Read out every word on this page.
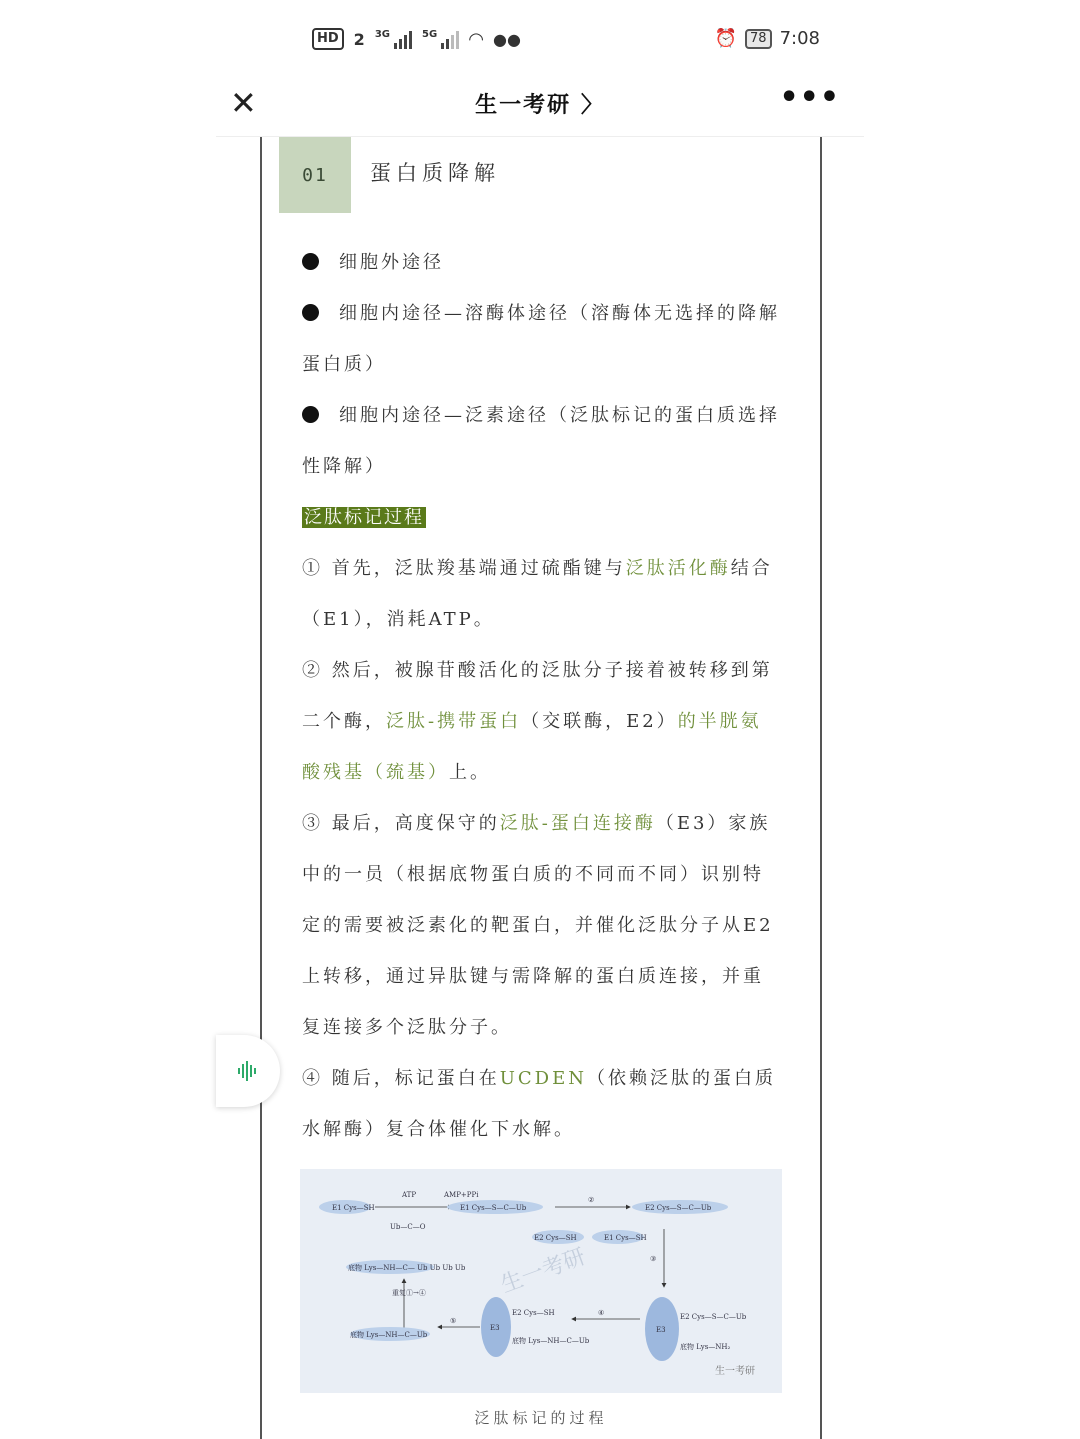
HD 2 3G	5G ◠ ●●	⏰	78 7:08
✕	生一考研 〉	•••
01	蛋白质降解

细胞外途径

细胞内途径—溶酶体途径（溶酶体无选择的降解蛋白质）

细胞内途径—泛素途径（泛肽标记的蛋白质选择性降解）

泛肽标记过程

① 首先，泛肽羧基端通过硫酯键与泛肽活化酶结合（E1），消耗ATP。

② 然后，被腺苷酸活化的泛肽分子接着被转移到第二个酶，泛肽-携带蛋白（交联酶，E2）的半胱氨酸残基（巯基）上。

③ 最后，高度保守的泛肽-蛋白连接酶（E3）家族中的一员（根据底物蛋白质的不同而不同）识别特定的需要被泛素化的靶蛋白，并催化泛肽分子从E2上转移，通过异肽键与需降解的蛋白质连接，并重复连接多个泛肽分子。

④ 随后，标记蛋白在UCDEN（依赖泛肽的蛋白质水解酶）复合体催化下水解。

E1 Cys—SH
ATP	AMP+PPi
Ub—C—O
E1 Cys—S—C—Ub
②
E2 Cys—S—C—Ub
E2 Cys—SH	E1 Cys—SH
③
底物 Lys—NH—C— Ub Ub Ub Ub
重复①→④
底物 Lys—NH—C—Ub
⑤
E3
E2 Cys—SH
底物 Lys—NH—C—Ub
④
E3
E2 Cys—S—C—Ub
底物 Lys—NH₂
生一考研
生一考研
泛肽标记的过程
